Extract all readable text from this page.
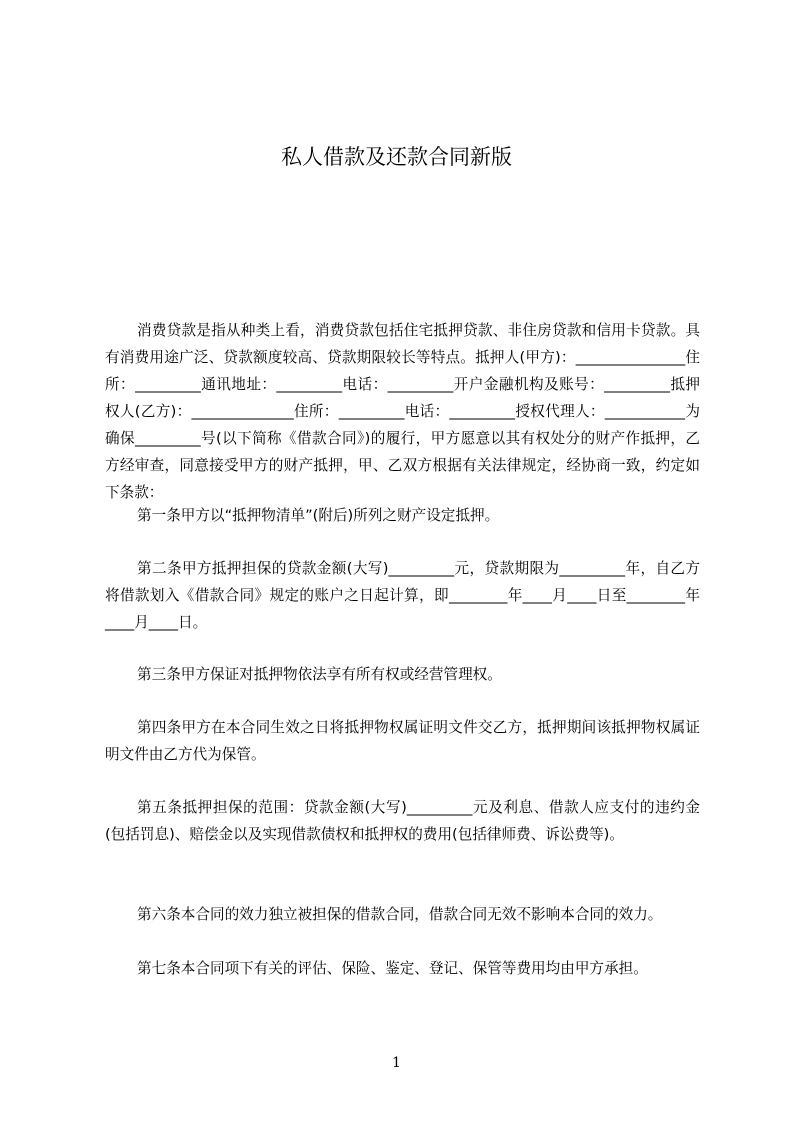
私人借款及还款合同新版

消费贷款是指从种类上看，消费贷款包括住宅抵押贷款、非住房贷款和信用卡贷款。具有消费用途广泛、贷款额度较高、贷款期限较长等特点。抵押人(甲方)：_______________住所：_________通讯地址：_________电话：_________开户金融机构及账号：_________抵押权人(乙方)：______________住所：_________电话：_________授权代理人：___________为确保_________号(以下简称《借款合同》)的履行，甲方愿意以其有权处分的财产作抵押，乙方经审查，同意接受甲方的财产抵押，甲、乙双方根据有关法律规定，经协商一致，约定如下条款：

第一条甲方以“抵押物清单”(附后)所列之财产设定抵押。

第二条甲方抵押担保的贷款金额(大写)_________元，贷款期限为_________年，自乙方将借款划入《借款合同》规定的账户之日起计算，即________年____月____日至________年____月____日。

第三条甲方保证对抵押物依法享有所有权或经营管理权。

第四条甲方在本合同生效之日将抵押物权属证明文件交乙方，抵押期间该抵押物权属证明文件由乙方代为保管。

第五条抵押担保的范围：贷款金额(大写)_________元及利息、借款人应支付的违约金(包括罚息)、赔偿金以及实现借款债权和抵押权的费用(包括律师费、诉讼费等)。

第六条本合同的效力独立被担保的借款合同，借款合同无效不影响本合同的效力。

第七条本合同项下有关的评估、保险、鉴定、登记、保管等费用均由甲方承担。

1
